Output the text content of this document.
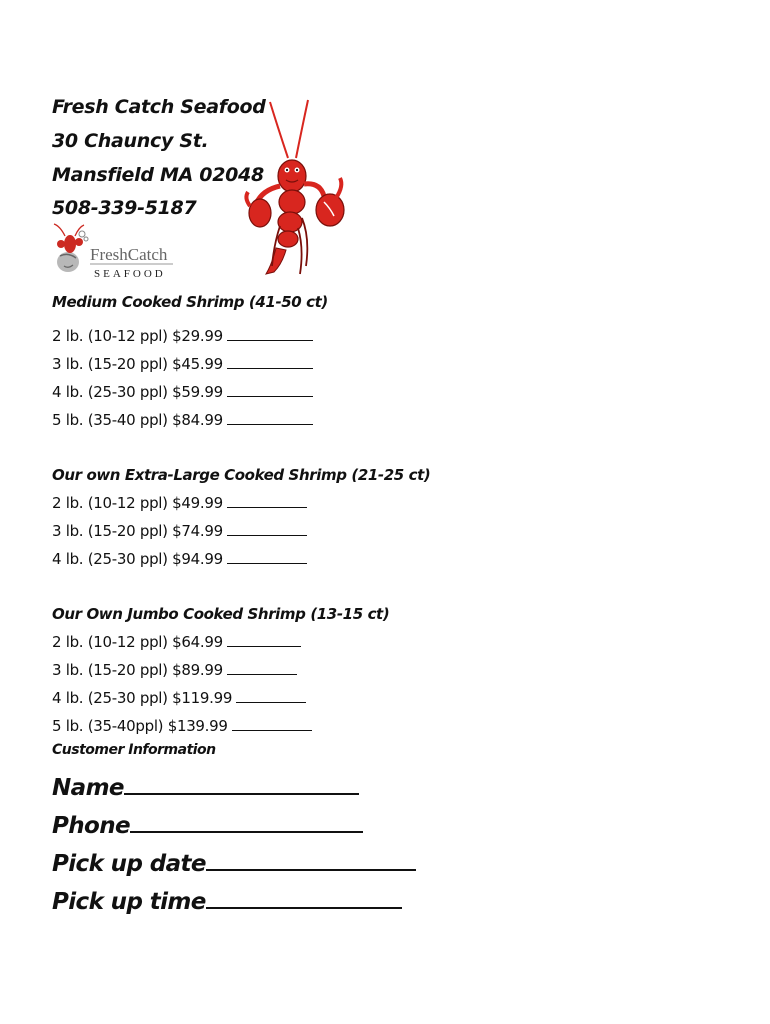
Fresh Catch Seafood
30 Chauncy St.
Mansfield MA 02048
508-339-5187
FreshCatch
SEAFOOD
Medium Cooked Shrimp (41-50 ct)
2 lb. (10-12 ppl) $29.99
3 lb. (15-20 ppl) $45.99
4 lb. (25-30 ppl) $59.99
5 lb. (35-40 ppl) $84.99
Our own Extra-Large Cooked Shrimp (21-25 ct)
2 lb. (10-12 ppl) $49.99
3 lb. (15-20 ppl) $74.99
4 lb. (25-30 ppl) $94.99
Our Own Jumbo Cooked Shrimp (13-15 ct)
2 lb. (10-12 ppl) $64.99
3 lb. (15-20 ppl) $89.99
4 lb. (25-30 ppl) $119.99
5 lb. (35-40ppl) $139.99
Customer Information
Name
Phone
Pick up date
Pick up time
